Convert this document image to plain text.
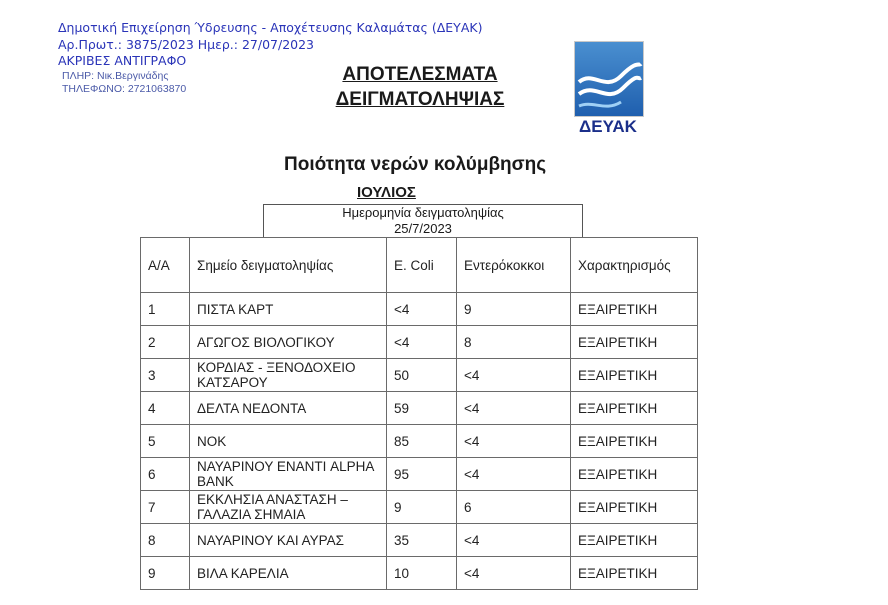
Δημοτική Επιχείρηση Ύδρευσης - Αποχέτευσης Καλαμάτας (ΔΕΥΑΚ)
Αρ.Πρωτ.: 3875/2023 Ημερ.: 27/07/2023
ΑΚΡΙΒΕΣ ΑΝΤΙΓΡΑΦΟ
ΠΛΗΡ: Νικ.Βεργινάδης
ΤΗΛΕΦΩΝΟ: 2721063870
ΑΠΟΤΕΛΕΣΜΑΤΑ
ΔΕΙΓΜΑΤΟΛΗΨΙΑΣ
ΔΕΥΑΚ
Ποιότητα νερών κολύμβησης
ΙΟΥΛΙΟΣ
Ημερομηνία δειγματοληψίας
25/7/2023
Α/Α	Σημείο δειγματοληψίας	E. Coli	Εντερόκοκκοι	Χαρακτηρισμός
1	ΠΙΣΤΑ ΚΑΡΤ	<4	9	ΕΞΑΙΡΕΤΙΚΗ
2	ΑΓΩΓΟΣ ΒΙΟΛΟΓΙΚΟΥ	<4	8	ΕΞΑΙΡΕΤΙΚΗ
3	ΚΟΡΔΙΑΣ - ΞΕΝΟΔΟΧΕΙΟ ΚΑΤΣΑΡΟΥ	50	<4	ΕΞΑΙΡΕΤΙΚΗ
4	ΔΕΛΤΑ ΝΕΔΟΝΤΑ	59	<4	ΕΞΑΙΡΕΤΙΚΗ
5	ΝΟΚ	85	<4	ΕΞΑΙΡΕΤΙΚΗ
6	ΝΑΥΑΡΙΝΟΥ ΕΝΑΝΤΙ ALPHA BANK	95	<4	ΕΞΑΙΡΕΤΙΚΗ
7	ΕΚΚΛΗΣΙΑ ΑΝΑΣΤΑΣΗ – ΓΑΛΑΖΙΑ ΣΗΜΑΙΑ	9	6	ΕΞΑΙΡΕΤΙΚΗ
8	ΝΑΥΑΡΙΝΟΥ ΚΑΙ ΑΥΡΑΣ	35	<4	ΕΞΑΙΡΕΤΙΚΗ
9	ΒΙΛΑ ΚΑΡΕΛΙΑ	10	<4	ΕΞΑΙΡΕΤΙΚΗ
